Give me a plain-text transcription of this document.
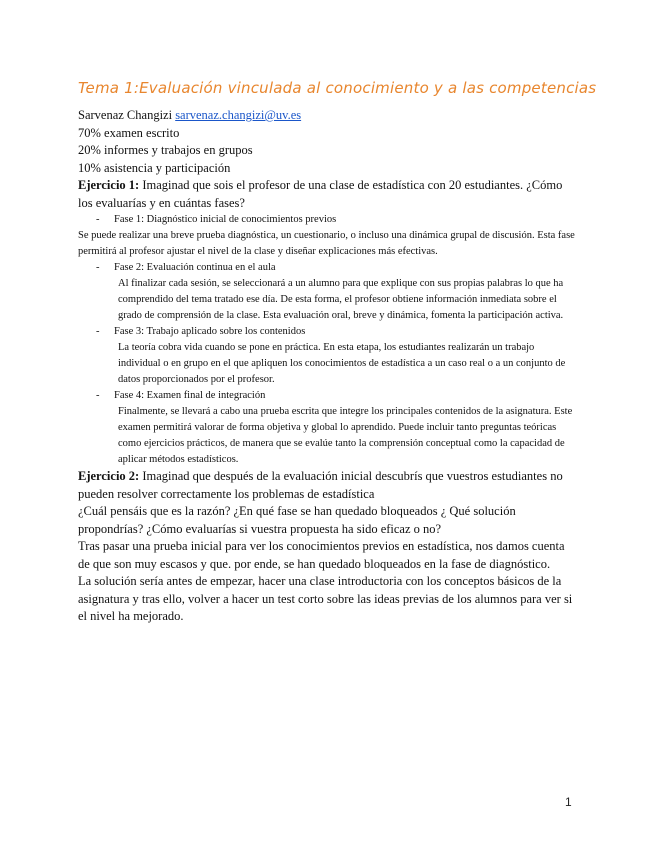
Tema 1:Evaluación vinculada al conocimiento y a las competencias
Sarvenaz Changizi sarvenaz.changizi@uv.es
70% examen escrito
20% informes y trabajos en grupos
10% asistencia y participación
Ejercicio 1: Imaginad que sois el profesor de una clase de estadística con 20 estudiantes. ¿Cómo los evaluarías y en cuántas fases?
- Fase 1: Diagnóstico inicial de conocimientos previos
Se puede realizar una breve prueba diagnóstica, un cuestionario, o incluso una dinámica grupal de discusión. Esta fase permitirá al profesor ajustar el nivel de la clase y diseñar explicaciones más efectivas.
- Fase 2: Evaluación continua en el aula
Al finalizar cada sesión, se seleccionará a un alumno para que explique con sus propias palabras lo que ha comprendido del tema tratado ese día. De esta forma, el profesor obtiene información inmediata sobre el grado de comprensión de la clase. Esta evaluación oral, breve y dinámica, fomenta la participación activa.
- Fase 3: Trabajo aplicado sobre los contenidos
La teoría cobra vida cuando se pone en práctica. En esta etapa, los estudiantes realizarán un trabajo individual o en grupo en el que apliquen los conocimientos de estadística a un caso real o a un conjunto de datos proporcionados por el profesor.
- Fase 4: Examen final de integración
Finalmente, se llevará a cabo una prueba escrita que integre los principales contenidos de la asignatura. Este examen permitirá valorar de forma objetiva y global lo aprendido. Puede incluir tanto preguntas teóricas como ejercicios prácticos, de manera que se evalúe tanto la comprensión conceptual como la capacidad de aplicar métodos estadísticos.
Ejercicio 2: Imaginad que después de la evaluación inicial descubrís que vuestros estudiantes no pueden resolver correctamente los problemas de estadística
¿Cuál pensáis que es la razón? ¿En qué fase se han quedado bloqueados ¿ Qué solución propondrías? ¿Cómo evaluarías si vuestra propuesta ha sido eficaz o no?
Tras pasar una prueba inicial para ver los conocimientos previos en estadística, nos damos cuenta de que son muy escasos y que. por ende, se han quedado bloqueados en la fase de diagnóstico.
La solución sería antes de empezar, hacer una clase introductoria con los conceptos básicos de la asignatura y tras ello, volver a hacer un test corto sobre las ideas previas de los alumnos para ver si el nivel ha mejorado.
1
